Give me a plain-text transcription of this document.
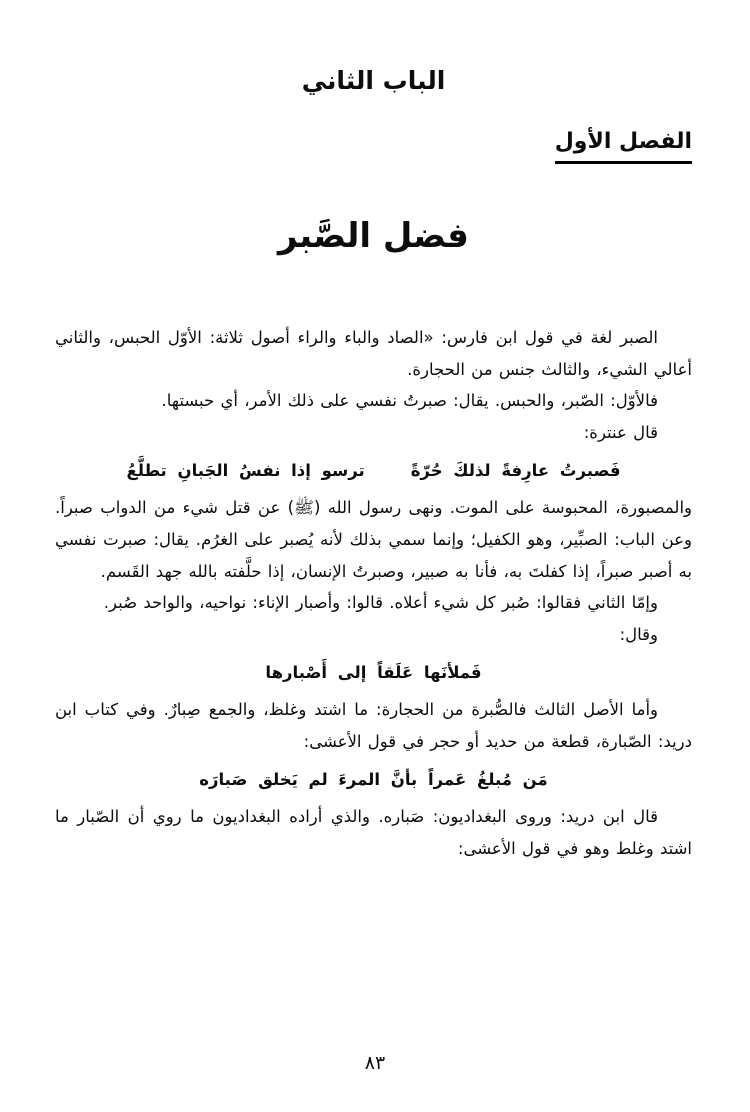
الباب الثاني
الفصل الأول
فضل الصَّبر

الصبر لغة في قول ابن فارس: «الصاد والباء والراء أصول ثلاثة: الأوّل الحبس، والثاني أعالي الشيء، والثالث جنس من الحجارة.

فالأوّل: الصّبر، والحبس. يقال: صبرتُ نفسي على ذلك الأمر، أي حبستها.

قال عنترة:

فَصبرتُ عارِفةً لذلكَ حُرّةً
ترسو إذا نفسُ الجَبانِ تطلَّعُ

والمصبورة، المحبوسة على الموت. ونهى رسول الله (ﷺ) عن قتل شيء من الدواب صبراً. وعن الباب: الصبِّير، وهو الكفيل؛ وإنما سمي بذلك لأنه يُصبر على الغرُم. يقال: صبرت نفسي به أصبر صبراً، إذا كفلتَ به، فأنا به صبير، وصبرتُ الإنسان، إذا حلَّفته بالله جهد القَسم.

وإمّا الثاني فقالوا: صُبر كل شيء أعلاه. قالوا: وأصبار الإناء: نواحيه، والواحد صُبر.

وقال:

فَملأنَها عَلَقاً إلى أَصْبارها

وأما الأصل الثالث فالصُّبرة من الحجارة: ما اشتد وغلظ، والجمع صِبارٌ. وفي كتاب ابن دريد: الصّبارة، قطعة من حديد أو حجر في قول الأعشى:

مَن مُبلغُ عَمراً بأنَّ المرءَ لم يَخلق صَبارَه

قال ابن دريد: وروى البغداديون: صَباره. والذي أراده البغداديون ما روي أن الصّبار ما اشتد وغلط وهو في قول الأعشى:

٨٣
